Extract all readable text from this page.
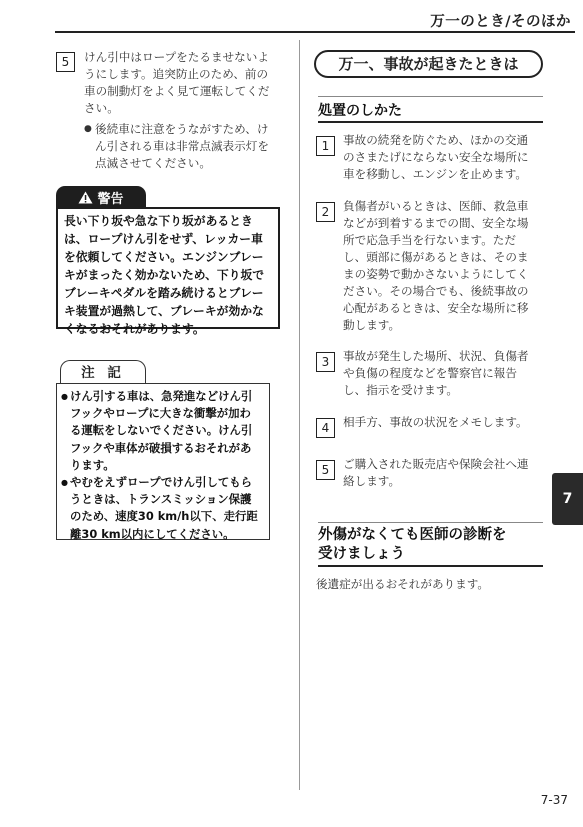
万一のとき/そのほか
5	けん引中はロープをたるませないよ
うにします。追突防止のため、前の
車の制動灯をよく見て運転してくだ
さい。
● 後続車に注意をうながすため、け
ん引される車は非常点滅表示灯を
点滅させてください。
警告
長い下り坂や急な下り坂があるとき
は、ロープけん引をせず、レッカー車
を依頼してください。エンジンブレー
キがまったく効かないため、下り坂で
ブレーキペダルを踏み続けるとブレー
キ装置が過熱して、ブレーキが効かな
くなるおそれがあります。
注 記
● けん引する車は、急発進などけん引
フックやロープに大きな衝撃が加わ
る運転をしないでください。けん引
フックや車体が破損するおそれがあ
ります。
● やむをえずロープでけん引してもら
うときは、トランスミッション保護
のため、速度30 km/h以下、走行距
離30 km以内にしてください。
万一、事故が起きたときは
処置のしかた
1	事故の続発を防ぐため、ほかの交通
のさまたげにならない安全な場所に
車を移動し、エンジンを止めます。
2	負傷者がいるときは、医師、救急車
などが到着するまでの間、安全な場
所で応急手当を行ないます。ただ
し、頭部に傷があるときは、そのま
まの姿勢で動かさないようにしてく
ださい。その場合でも、後続事故の
心配があるときは、安全な場所に移
動します。
3	事故が発生した場所、状況、負傷者
や負傷の程度などを警察官に報告
し、指示を受けます。
4	相手方、事故の状況をメモします。
5	ご購入された販売店や保険会社へ連
絡します。
外傷がなくても医師の診断を
受けましょう
後遺症が出るおそれがあります。
7
7-37
